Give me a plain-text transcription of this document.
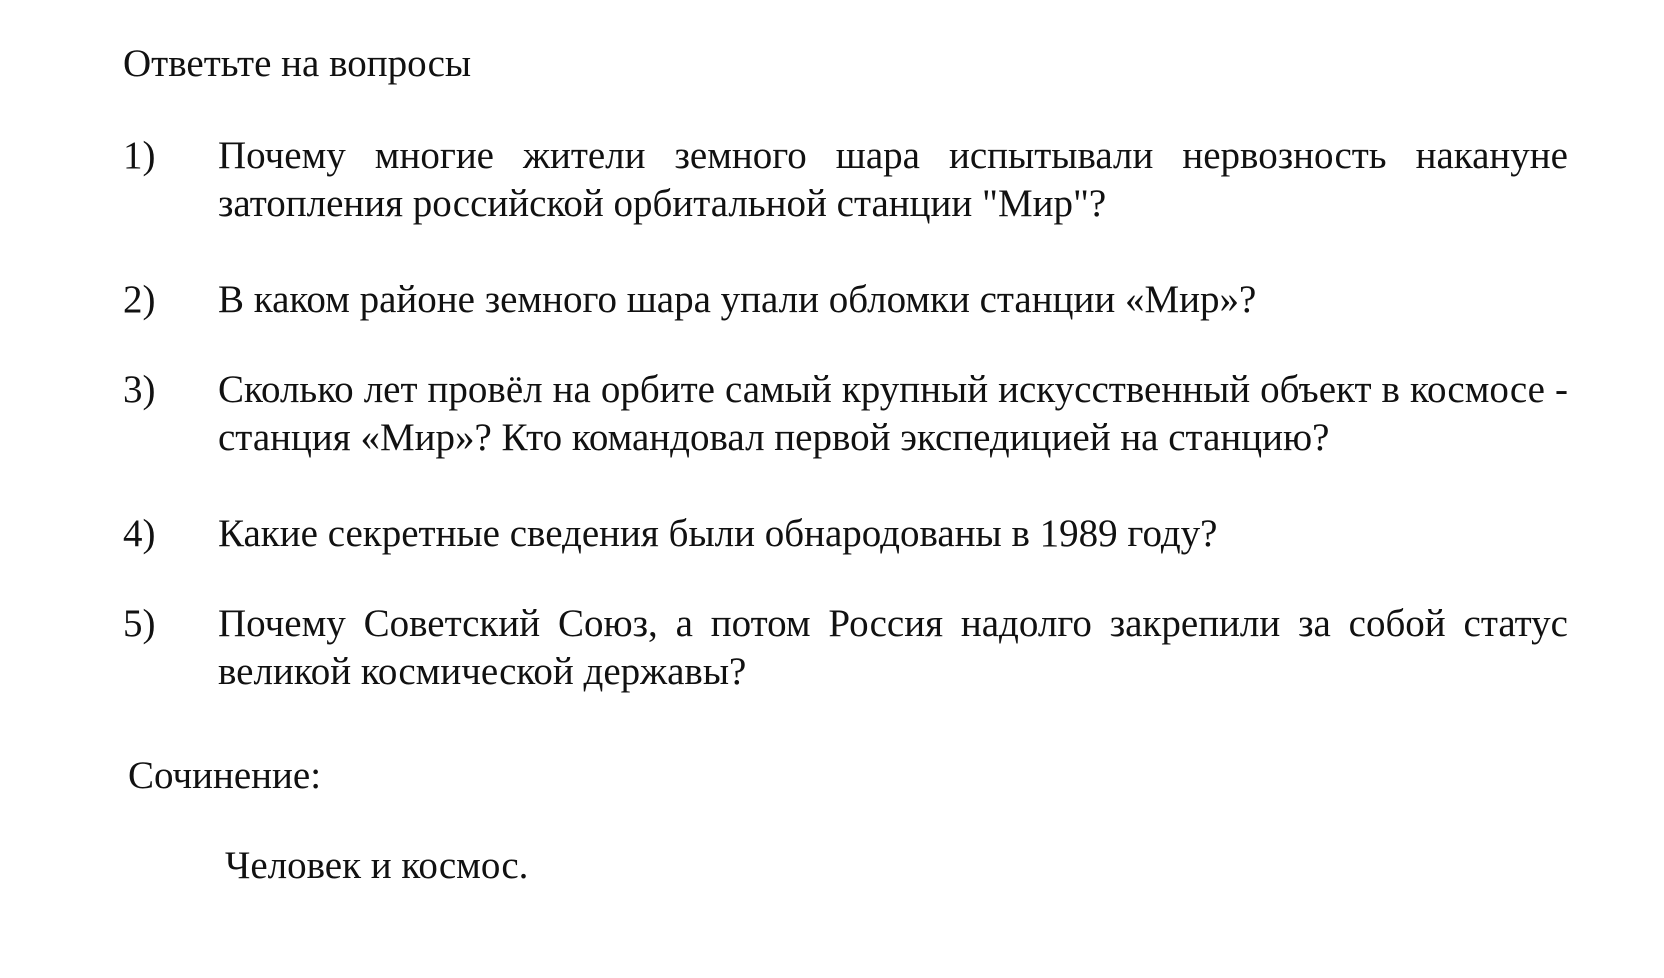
Ответьте на вопросы
1) Почему многие жители земного шара испытывали нервозность накануне затопления российской орбитальной станции "Мир"?
2) В каком районе земного шара упали обломки станции «Мир»?
3) Сколько лет провёл на орбите самый крупный искусственный объект в космосе - станция «Мир»? Кто командовал первой экспедицией на станцию?
4) Какие секретные сведения были обнародованы в 1989 году?
5) Почему Советский Союз, а потом Россия надолго закрепили за собой статус великой космической державы?
Сочинение:
Человек и космос.
